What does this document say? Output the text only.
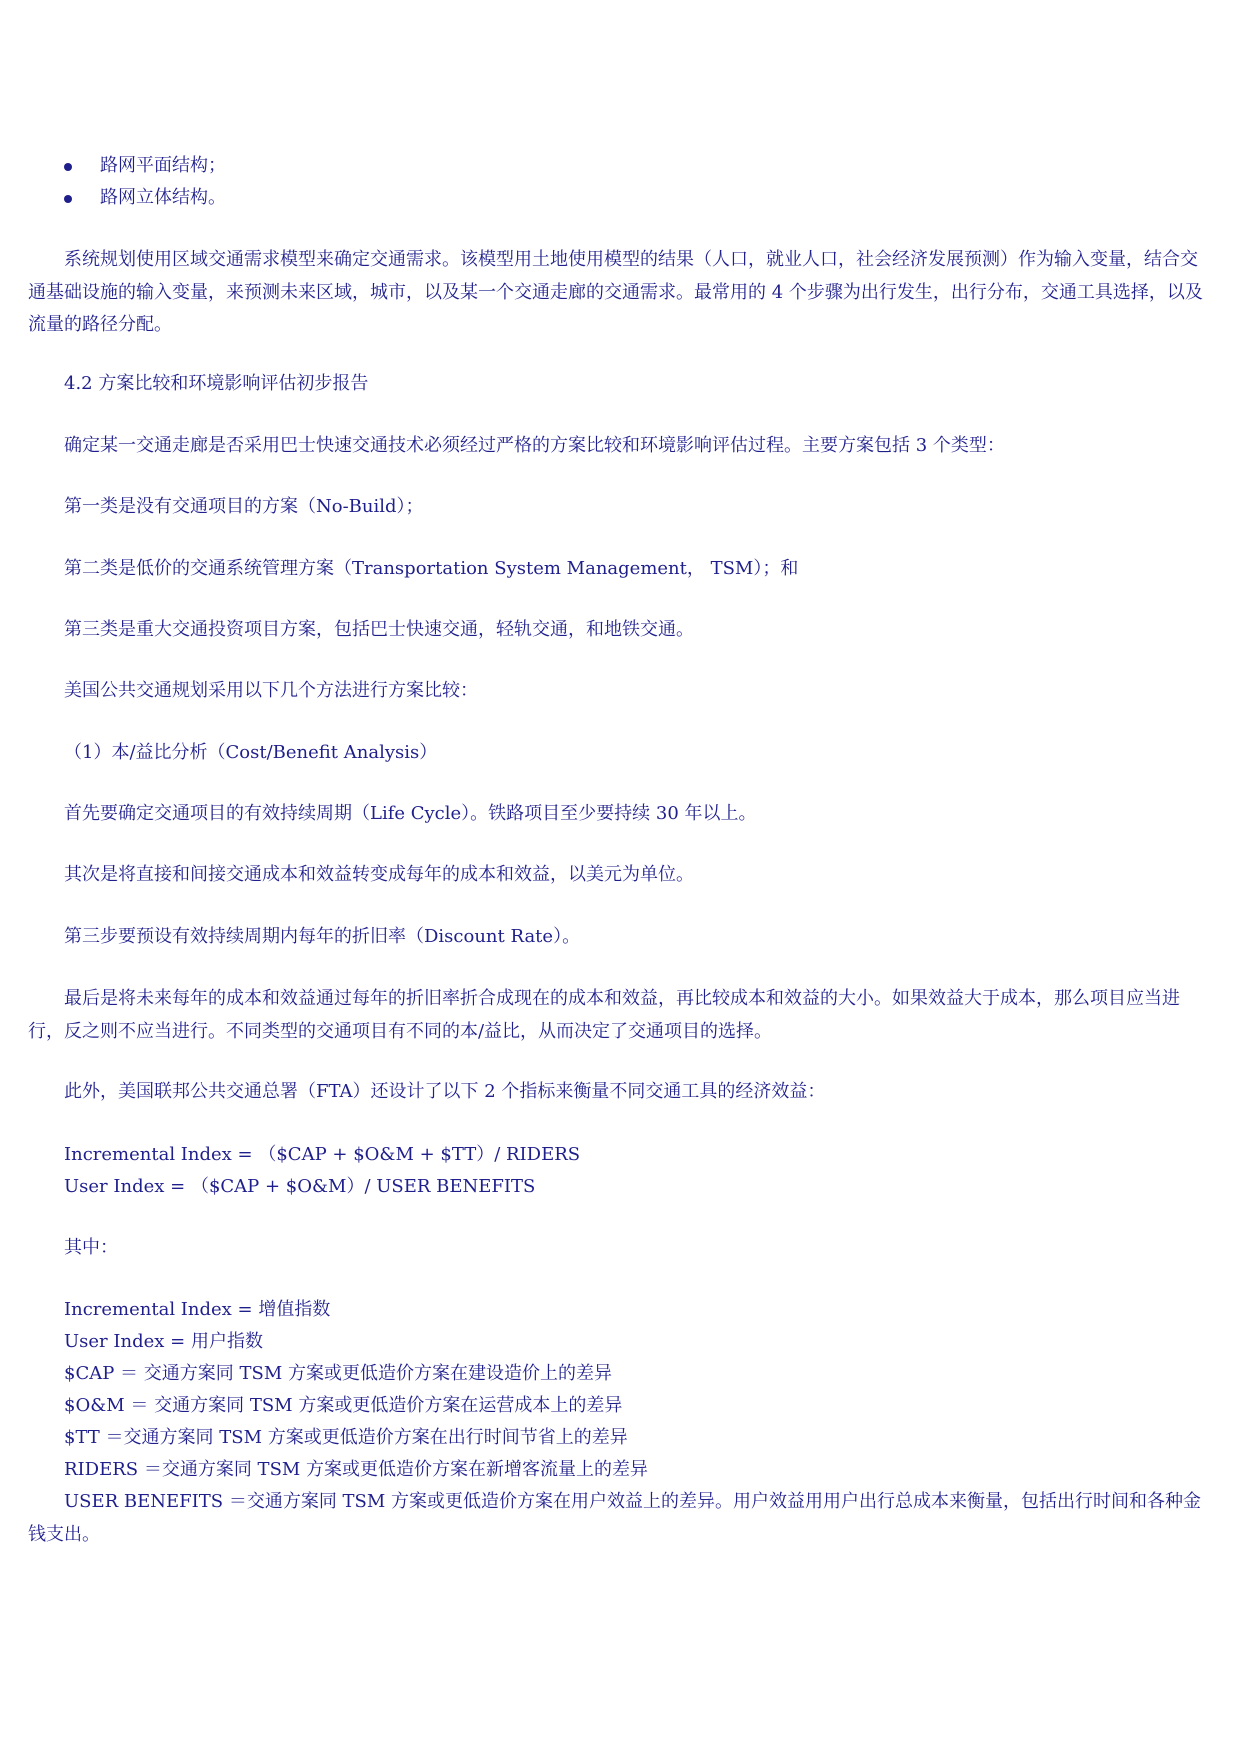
路网平面结构；
路网立体结构。
系统规划使用区域交通需求模型来确定交通需求。该模型用土地使用模型的结果（人口，就业人口，社会经济发展预测）作为输入变量，结合交通基础设施的输入变量，来预测未来区域，城市，以及某一个交通走廊的交通需求。最常用的 4 个步骤为出行发生，出行分布，交通工具选择，以及流量的路径分配。
4.2 方案比较和环境影响评估初步报告
确定某一交通走廊是否采用巴士快速交通技术必须经过严格的方案比较和环境影响评估过程。主要方案包括 3 个类型：
第一类是没有交通项目的方案（No-Build）；
第二类是低价的交通系统管理方案（Transportation System Management， TSM）；和
第三类是重大交通投资项目方案，包括巴士快速交通，轻轨交通，和地铁交通。
美国公共交通规划采用以下几个方法进行方案比较：
（1）本/益比分析（Cost/Benefit Analysis）
首先要确定交通项目的有效持续周期（Life Cycle）。铁路项目至少要持续 30 年以上。
其次是将直接和间接交通成本和效益转变成每年的成本和效益，以美元为单位。
第三步要预设有效持续周期内每年的折旧率（Discount Rate）。
最后是将未来每年的成本和效益通过每年的折旧率折合成现在的成本和效益，再比较成本和效益的大小。如果效益大于成本，那么项目应当进行，反之则不应当进行。不同类型的交通项目有不同的本/益比，从而决定了交通项目的选择。
此外，美国联邦公共交通总署（FTA）还设计了以下 2 个指标来衡量不同交通工具的经济效益：
Incremental Index = （$CAP + $O&M + $TT）/ RIDERS
User Index = （$CAP + $O&M）/ USER BENEFITS
其中：
Incremental Index = 增值指数
User Index = 用户指数
$CAP ＝ 交通方案同 TSM 方案或更低造价方案在建设造价上的差异
$O&M ＝ 交通方案同 TSM 方案或更低造价方案在运营成本上的差异
$TT ＝交通方案同 TSM 方案或更低造价方案在出行时间节省上的差异
RIDERS ＝交通方案同 TSM 方案或更低造价方案在新增客流量上的差异
USER BENEFITS ＝交通方案同 TSM 方案或更低造价方案在用户效益上的差异。用户效益用用户出行总成本来衡量，包括出行时间和各种金钱支出。
